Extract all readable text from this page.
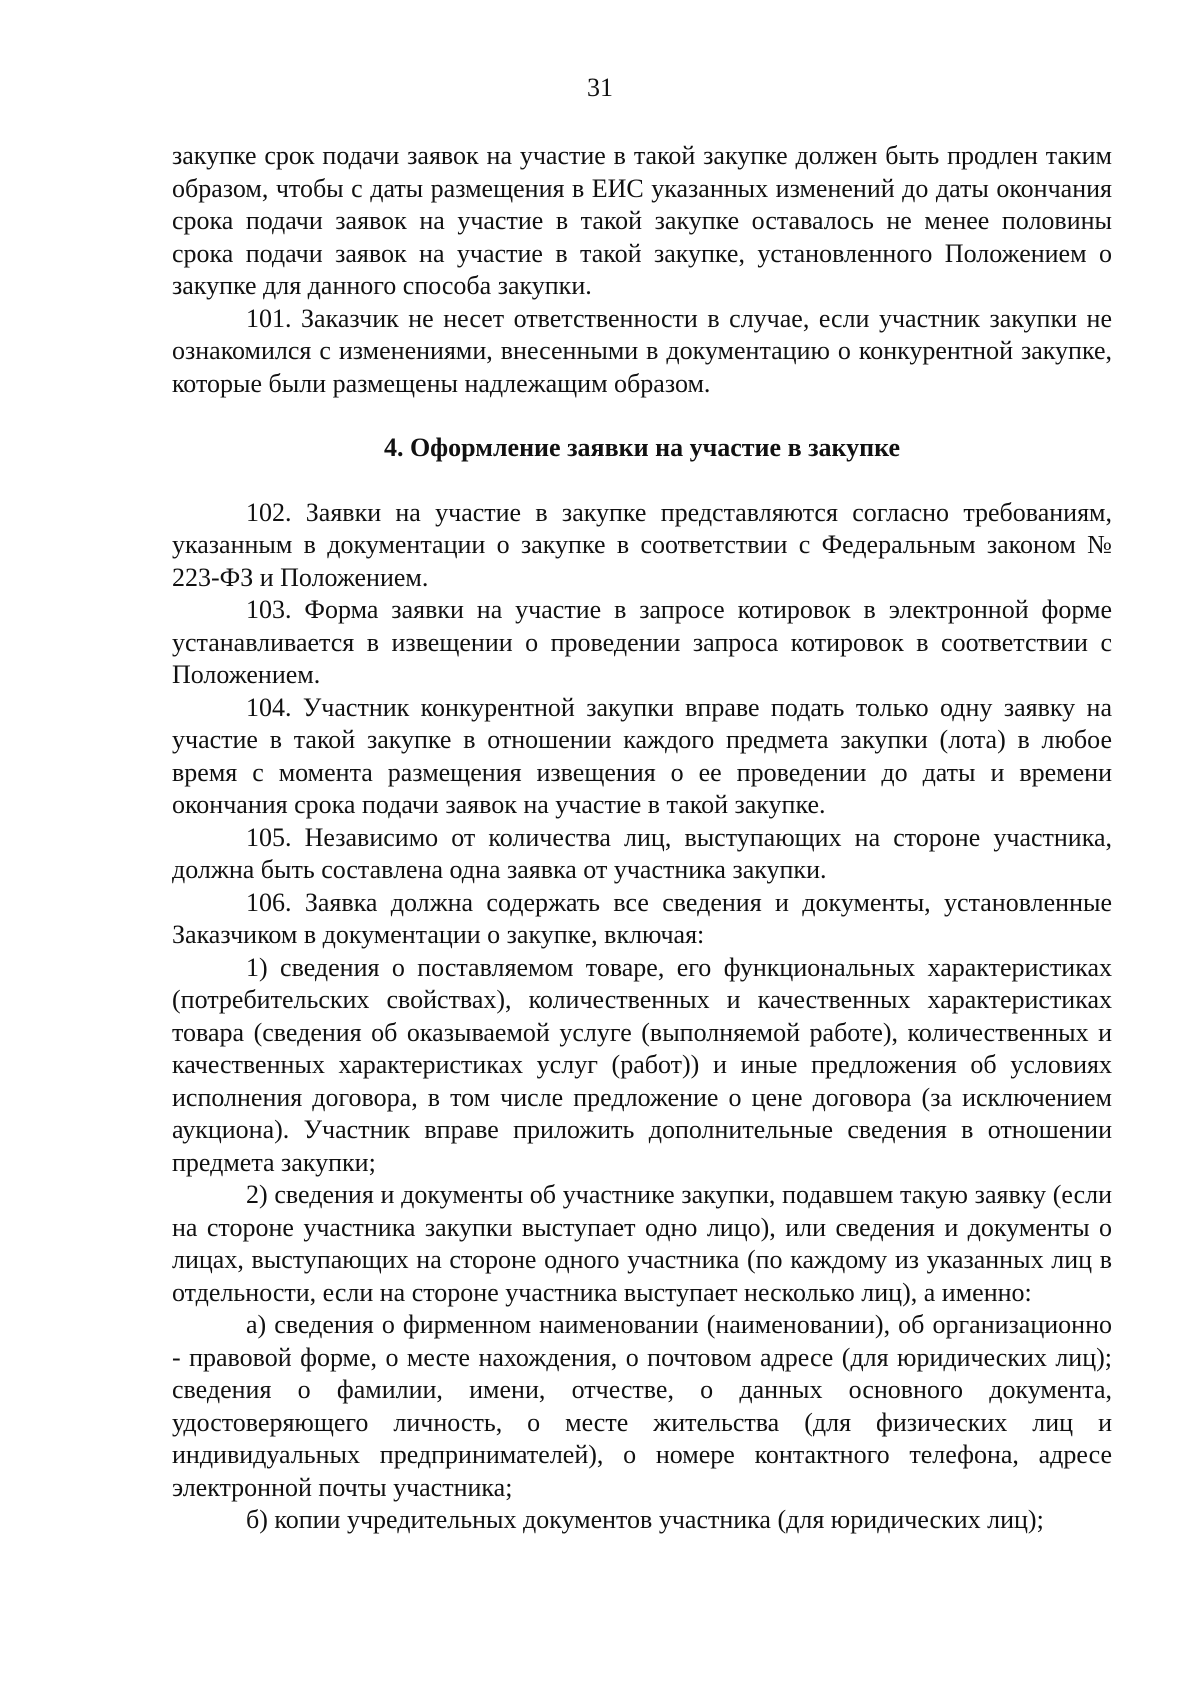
31

закупке срок подачи заявок на участие в такой закупке должен быть продлен таким образом, чтобы с даты размещения в ЕИС указанных изменений до даты окончания срока подачи заявок на участие в такой закупке оставалось не менее половины срока подачи заявок на участие в такой закупке, установленного Положением о закупке для данного способа закупки.

101. Заказчик не несет ответственности в случае, если участник закупки не ознакомился с изменениями, внесенными в документацию о конкурентной закупке, которые были размещены надлежащим образом.

4. Оформление заявки на участие в закупке

102. Заявки на участие в закупке представляются согласно требованиям, указанным в документации о закупке в соответствии с Федеральным законом № 223-ФЗ и Положением.

103. Форма заявки на участие в запросе котировок в электронной форме устанавливается в извещении о проведении запроса котировок в соответствии с Положением.

104. Участник конкурентной закупки вправе подать только одну заявку на участие в такой закупке в отношении каждого предмета закупки (лота) в любое время с момента размещения извещения о ее проведении до даты и времени окончания срока подачи заявок на участие в такой закупке.

105. Независимо от количества лиц, выступающих на стороне участника, должна быть составлена одна заявка от участника закупки.

106. Заявка должна содержать все сведения и документы, установленные Заказчиком в документации о закупке, включая:

1) сведения о поставляемом товаре, его функциональных характеристиках (потребительских свойствах), количественных и качественных характеристиках товара (сведения об оказываемой услуге (выполняемой работе), количественных и качественных характеристиках услуг (работ)) и иные предложения об условиях исполнения договора, в том числе предложение о цене договора (за исключением аукциона). Участник вправе приложить дополнительные сведения в отношении предмета закупки;

2) сведения и документы об участнике закупки, подавшем такую заявку (если на стороне участника закупки выступает одно лицо), или сведения и документы о лицах, выступающих на стороне одного участника (по каждому из указанных лиц в отдельности, если на стороне участника выступает несколько лиц), а именно:

а) сведения о фирменном наименовании (наименовании), об организационно - правовой форме, о месте нахождения, о почтовом адресе (для юридических лиц); сведения о фамилии, имени, отчестве, о данных основного документа, удостоверяющего личность, о месте жительства (для физических лиц и индивидуальных предпринимателей), о номере контактного телефона, адресе электронной почты участника;

б) копии учредительных документов участника (для юридических лиц);
